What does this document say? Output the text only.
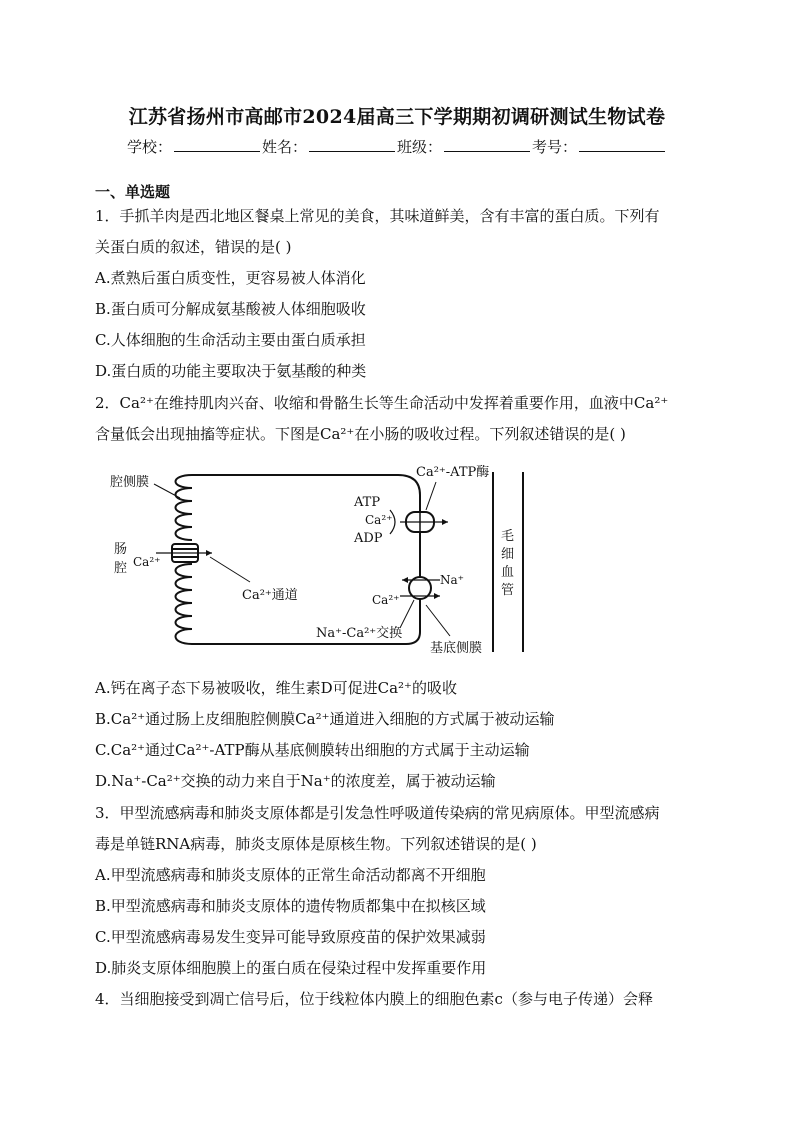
江苏省扬州市高邮市2024届高三下学期期初调研测试生物试卷
学校：	姓名：	班级：	考号：
一、单选题
1．手抓羊肉是西北地区餐桌上常见的美食，其味道鲜美，含有丰富的蛋白质。下列有
关蛋白质的叙述，错误的是( )
A.煮熟后蛋白质变性，更容易被人体消化
B.蛋白质可分解成氨基酸被人体细胞吸收
C.人体细胞的生命活动主要由蛋白质承担
D.蛋白质的功能主要取决于氨基酸的种类
2．Ca²⁺在维持肌肉兴奋、收缩和骨骼生长等生命活动中发挥着重要作用，血液中Ca²⁺
含量低会出现抽搐等症状。下图是Ca²⁺在小肠的吸收过程。下列叙述错误的是( )
腔侧膜
肠
腔 Ca²⁺
Ca²⁺通道
Ca²⁺-ATP酶
ATP
Ca²⁺
ADP
Na⁺
Ca²⁺
Na⁺-Ca²⁺交换
基底侧膜
毛
细
血
管
A.钙在离子态下易被吸收，维生素D可促进Ca²⁺的吸收
B.Ca²⁺通过肠上皮细胞腔侧膜Ca²⁺通道进入细胞的方式属于被动运输
C.Ca²⁺通过Ca²⁺-ATP酶从基底侧膜转出细胞的方式属于主动运输
D.Na⁺-Ca²⁺交换的动力来自于Na⁺的浓度差，属于被动运输
3．甲型流感病毒和肺炎支原体都是引发急性呼吸道传染病的常见病原体。甲型流感病
毒是单链RNA病毒，肺炎支原体是原核生物。下列叙述错误的是( )
A.甲型流感病毒和肺炎支原体的正常生命活动都离不开细胞
B.甲型流感病毒和肺炎支原体的遗传物质都集中在拟核区域
C.甲型流感病毒易发生变异可能导致原疫苗的保护效果减弱
D.肺炎支原体细胞膜上的蛋白质在侵染过程中发挥重要作用
4．当细胞接受到凋亡信号后，位于线粒体内膜上的细胞色素c（参与电子传递）会释
